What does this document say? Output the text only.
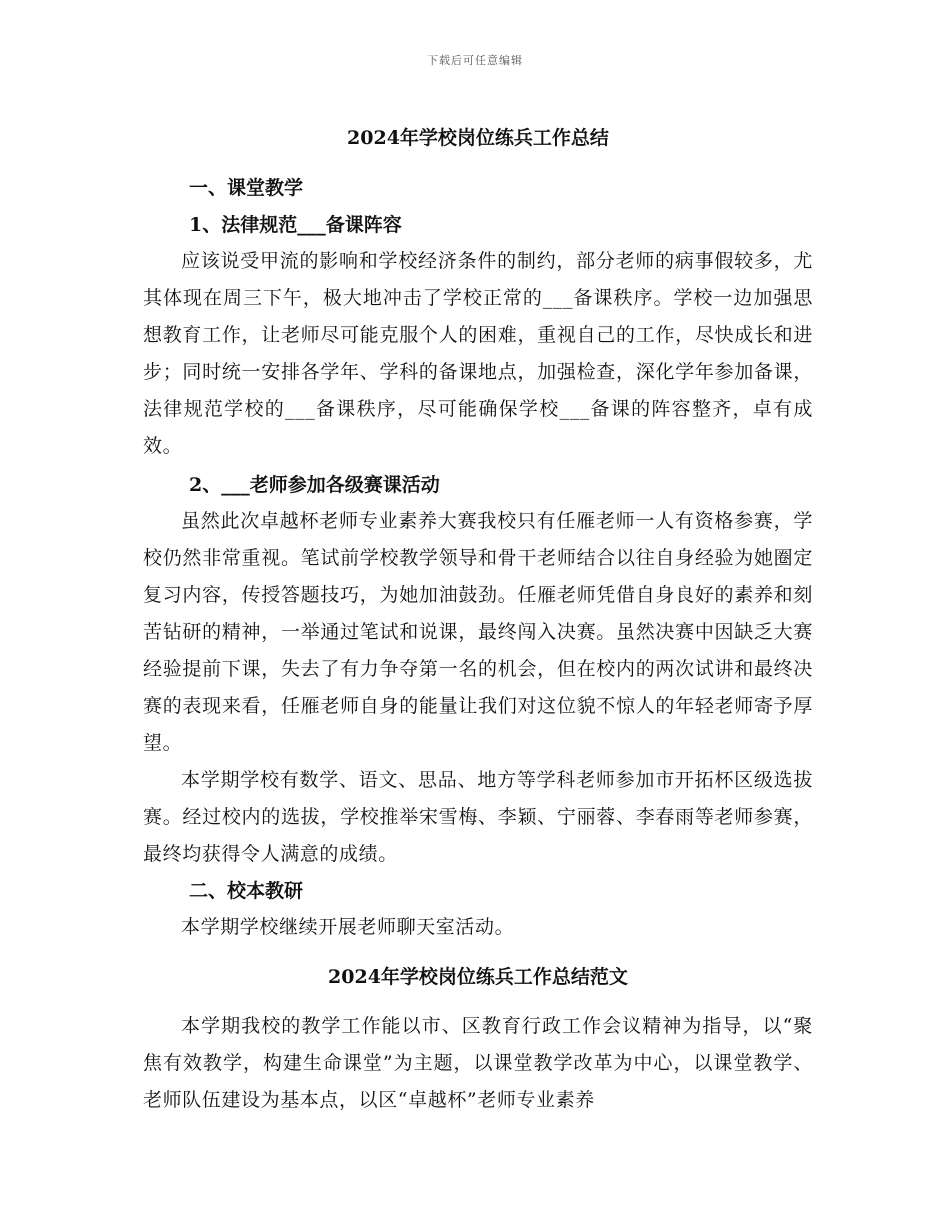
下载后可任意编辑
2024年学校岗位练兵工作总结
一、课堂教学
1、法律规范___备课阵容
应该说受甲流的影响和学校经济条件的制约，部分老师的病事假较多，尤其体现在周三下午，极大地冲击了学校正常的___备课秩序。学校一边加强思想教育工作，让老师尽可能克服个人的困难，重视自己的工作，尽快成长和进步；同时统一安排各学年、学科的备课地点，加强检查，深化学年参加备课，法律规范学校的___备课秩序，尽可能确保学校___备课的阵容整齐，卓有成效。
2、___老师参加各级赛课活动
虽然此次卓越杯老师专业素养大赛我校只有任雁老师一人有资格参赛，学校仍然非常重视。笔试前学校教学领导和骨干老师结合以往自身经验为她圈定复习内容，传授答题技巧，为她加油鼓劲。任雁老师凭借自身良好的素养和刻苦钻研的精神，一举通过笔试和说课，最终闯入决赛。虽然决赛中因缺乏大赛经验提前下课，失去了有力争夺第一名的机会，但在校内的两次试讲和最终决赛的表现来看，任雁老师自身的能量让我们对这位貌不惊人的年轻老师寄予厚望。
本学期学校有数学、语文、思品、地方等学科老师参加市开拓杯区级选拔赛。经过校内的选拔，学校推举宋雪梅、李颖、宁丽蓉、李春雨等老师参赛，最终均获得令人满意的成绩。
二、校本教研
本学期学校继续开展老师聊天室活动。
2024年学校岗位练兵工作总结范文
本学期我校的教学工作能以市、区教育行政工作会议精神为指导，以“聚焦有效教学，构建生命课堂”为主题，以课堂教学改革为中心，以课堂教学、老师队伍建设为基本点，以区“卓越杯”老师专业素养
